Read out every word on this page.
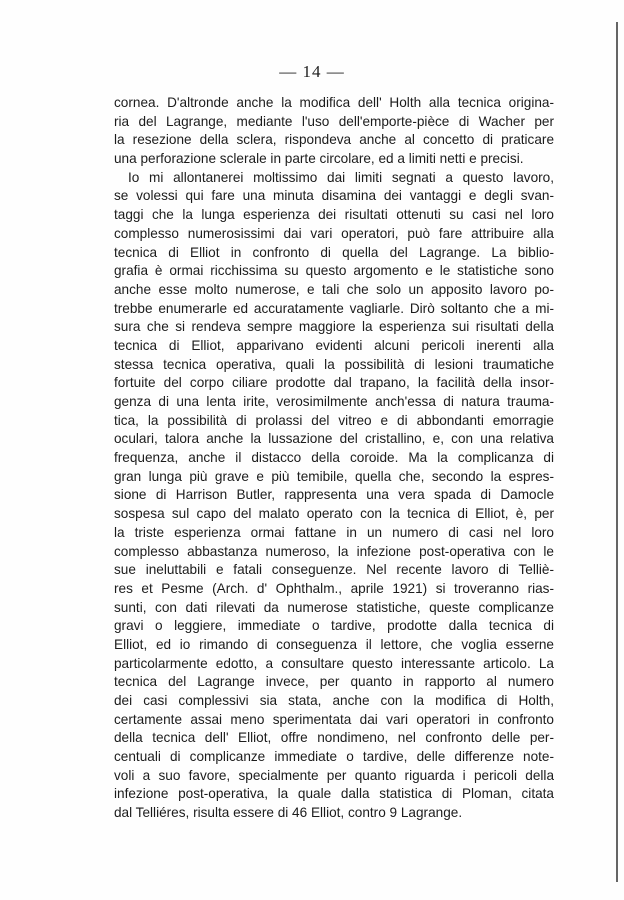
— 14 —
cornea. D'altronde anche la modifica dell' Holth alla tecnica origina-
ria del Lagrange, mediante l'uso dell'emporte-pièce di Wacher per
la resezione della sclera, rispondeva anche al concetto di praticare
una perforazione sclerale in parte circolare, ed a limiti netti e precisi.
Io mi allontanerei moltissimo dai limiti segnati a questo lavoro,
se volessi qui fare una minuta disamina dei vantaggi e degli svan-
taggi che la lunga esperienza dei risultati ottenuti su casi nel loro
complesso numerosissimi dai vari operatori, può fare attribuire alla
tecnica di Elliot in confronto di quella del Lagrange. La biblio-
grafia è ormai ricchissima su questo argomento e le statistiche sono
anche esse molto numerose, e tali che solo un apposito lavoro po-
trebbe enumerarle ed accuratamente vagliarle. Dirò soltanto che a mi-
sura che si rendeva sempre maggiore la esperienza sui risultati della
tecnica di Elliot, apparivano evidenti alcuni pericoli inerenti alla
stessa tecnica operativa, quali la possibilità di lesioni traumatiche
fortuite del corpo ciliare prodotte dal trapano, la facilità della insor-
genza di una lenta irite, verosimilmente anch'essa di natura trauma-
tica, la possibilità di prolassi del vitreo e di abbondanti emorragie
oculari, talora anche la lussazione del cristallino, e, con una relativa
frequenza, anche il distacco della coroide. Ma la complicanza di
gran lunga più grave e più temibile, quella che, secondo la espres-
sione di Harrison Butler, rappresenta una vera spada di Damocle
sospesa sul capo del malato operato con la tecnica di Elliot, è, per
la triste esperienza ormai fattane in un numero di casi nel loro
complesso abbastanza numeroso, la infezione post-operativa con le
sue ineluttabili e fatali conseguenze. Nel recente lavoro di Telliè-
res et Pesme (Arch. d' Ophthalm., aprile 1921) si troveranno rias-
sunti, con dati rilevati da numerose statistiche, queste complicanze
gravi o leggiere, immediate o tardive, prodotte dalla tecnica di
Elliot, ed io rimando di conseguenza il lettore, che voglia esserne
particolarmente edotto, a consultare questo interessante articolo. La
tecnica del Lagrange invece, per quanto in rapporto al numero
dei casi complessivi sia stata, anche con la modifica di Holth,
certamente assai meno sperimentata dai vari operatori in confronto
della tecnica dell' Elliot, offre nondimeno, nel confronto delle per-
centuali di complicanze immediate o tardive, delle differenze note-
voli a suo favore, specialmente per quanto riguarda i pericoli della
infezione post-operativa, la quale dalla statistica di Ploman, citata
dal Telliéres, risulta essere di 46 Elliot, contro 9 Lagrange.
